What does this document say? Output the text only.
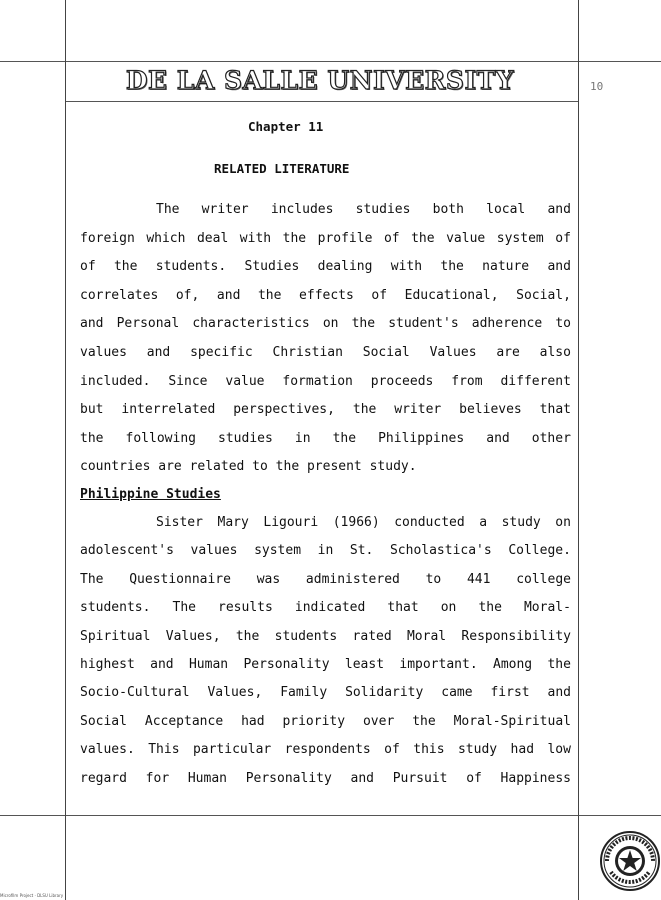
DE LA SALLE UNIVERSITY	10
Chapter 11
RELATED LITERATURE
The writer includes studies both local and
foreign which deal with the profile of the value system of
of the students. Studies dealing with the nature and
correlates of, and the effects of Educational, Social,
and Personal characteristics on the student's adherence to
values and specific Christian Social Values are also
included. Since value formation proceeds from different
but interrelated perspectives, the writer believes that
the following studies in the Philippines and other
countries are related to the present study.
Philippine Studies
Sister Mary Ligouri (1966) conducted a study on
adolescent's values system in St. Scholastica's College.
The Questionnaire was administered to 441 college
students. The results indicated that on the Moral-
Spiritual Values, the students rated Moral Responsibility
highest and Human Personality least important. Among the
Socio-Cultural Values, Family Solidarity came first and
Social Acceptance had priority over the Moral-Spiritual
values. This particular respondents of this study had low
regard for Human Personality and Pursuit of Happiness
Microfilm Project · DLSU Library
